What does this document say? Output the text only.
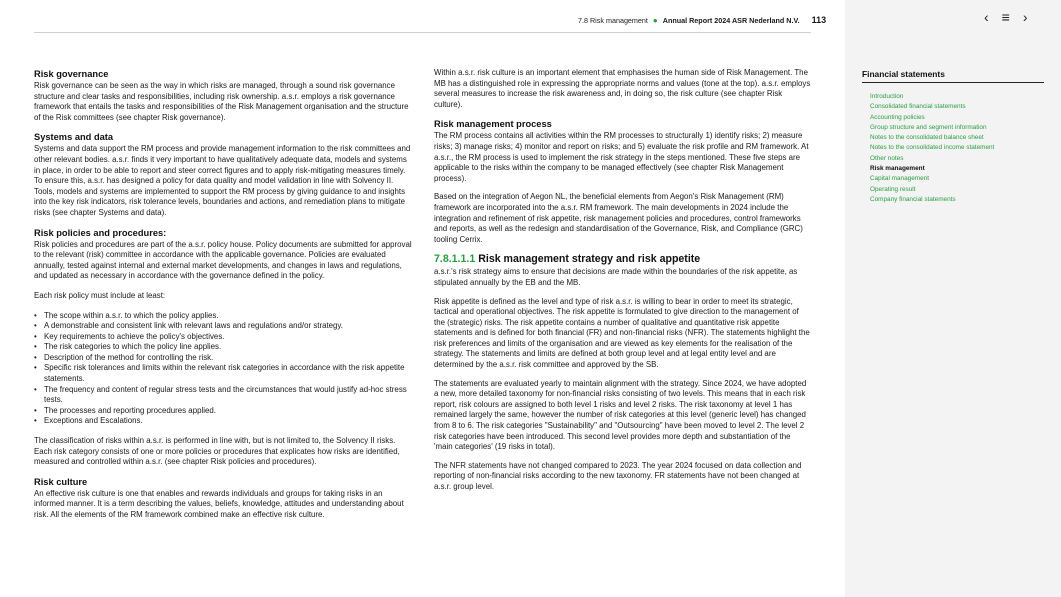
7.8 Risk management ● Annual Report 2024 ASR Nederland N.V. 113
Risk governance

Risk governance can be seen as the way in which risks are managed, through a sound risk governance structure and clear tasks and responsibilities, including risk ownership. a.s.r. employs a risk governance framework that entails the tasks and responsibilities of the Risk Management organisation and the structure of the Risk committees (see chapter Risk governance).

Systems and data

Systems and data support the RM process and provide management information to the risk committees and other relevant bodies. a.s.r. finds it very important to have qualitatively adequate data, models and systems in place, in order to be able to report and steer correct figures and to apply risk-mitigating measures timely. To ensure this, a.s.r. has designed a policy for data quality and model validation in line with Solvency II. Tools, models and systems are implemented to support the RM process by giving guidance to and insights into the key risk indicators, risk tolerance levels, boundaries and actions, and remediation plans to mitigate risks (see chapter Systems and data).

Risk policies and procedures:

Risk policies and procedures are part of the a.s.r. policy house. Policy documents are submitted for approval to the relevant (risk) committee in accordance with the applicable governance. Policies are evaluated annually, tested against internal and external market developments, and changes in laws and regulations, and updated as necessary in accordance with the governance defined in the policy.

Each risk policy must include at least:

• The scope within a.s.r. to which the policy applies.
• A demonstrable and consistent link with relevant laws and regulations and/or strategy.
• Key requirements to achieve the policy's objectives.
• The risk categories to which the policy line applies.
• Description of the method for controlling the risk.
• Specific risk tolerances and limits within the relevant risk categories in accordance with the risk appetite statements.
• The frequency and content of regular stress tests and the circumstances that would justify ad-hoc stress tests.
• The processes and reporting procedures applied.
• Exceptions and Escalations.

The classification of risks within a.s.r. is performed in line with, but is not limited to, the Solvency II risks. Each risk category consists of one or more policies or procedures that explicates how risks are identified, measured and controlled within a.s.r. (see chapter Risk policies and procedures).

Risk culture

An effective risk culture is one that enables and rewards individuals and groups for taking risks in an informed manner. It is a term describing the values, beliefs, knowledge, attitudes and understanding about risk. All the elements of the RM framework combined make an effective risk culture.

Within a.s.r. risk culture is an important element that emphasises the human side of Risk Management. The MB has a distinguished role in expressing the appropriate norms and values (tone at the top). a.s.r. employs several measures to increase the risk awareness and, in doing so, the risk culture (see chapter Risk culture).

Risk management process

The RM process contains all activities within the RM processes to structurally 1) identify risks; 2) measure risks; 3) manage risks; 4) monitor and report on risks; and 5) evaluate the risk profile and RM framework. At a.s.r., the RM process is used to implement the risk strategy in the steps mentioned. These five steps are applicable to the risks within the company to be managed effectively (see chapter Risk Management process).

Based on the integration of Aegon NL, the beneficial elements from Aegon's Risk Management (RM) framework are incorporated into the a.s.r. RM framework. The main developments in 2024 include the integration and refinement of risk appetite, risk management policies and procedures, control frameworks and reports, as well as the redesign and standardisation of the Governance, Risk, and Compliance (GRC) tooling Cerrix.

7.8.1.1.1 Risk management strategy and risk appetite

a.s.r.'s risk strategy aims to ensure that decisions are made within the boundaries of the risk appetite, as stipulated annually by the EB and the MB.

Risk appetite is defined as the level and type of risk a.s.r. is willing to bear in order to meet its strategic, tactical and operational objectives. The risk appetite is formulated to give direction to the management of the (strategic) risks. The risk appetite contains a number of qualitative and quantitative risk appetite statements and is defined for both financial (FR) and non-financial risks (NFR). The statements highlight the risk preferences and limits of the organisation and are viewed as key elements for the realisation of the strategy. The statements and limits are defined at both group level and at legal entity level and are determined by the a.s.r. risk committee and approved by the SB.

The statements are evaluated yearly to maintain alignment with the strategy. Since 2024, we have adopted a new, more detailed taxonomy for non-financial risks consisting of two levels. This means that in each risk report, risk colours are assigned to both level 1 risks and level 2 risks. The risk taxonomy at level 1 has remained largely the same, however the number of risk categories at this level (generic level) has changed from 8 to 6. The risk categories "Sustainability" and "Outsourcing" have been moved to level 2. The level 2 risk categories have been introduced. This second level provides more depth and substantiation of the 'main categories' (19 risks in total).

The NFR statements have not changed compared to 2023. The year 2024 focused on data collection and reporting of non-financial risks according to the new taxonomy. FR statements have not been changed at a.s.r. group level.

‹ ≡ ›
Financial statements
Introduction
Consolidated financial statements
Accounting policies
Group structure and segment information
Notes to the consolidated balance sheet
Notes to the consolidated income statement
Other notes
Risk management
Capital management
Operating result
Company financial statements
